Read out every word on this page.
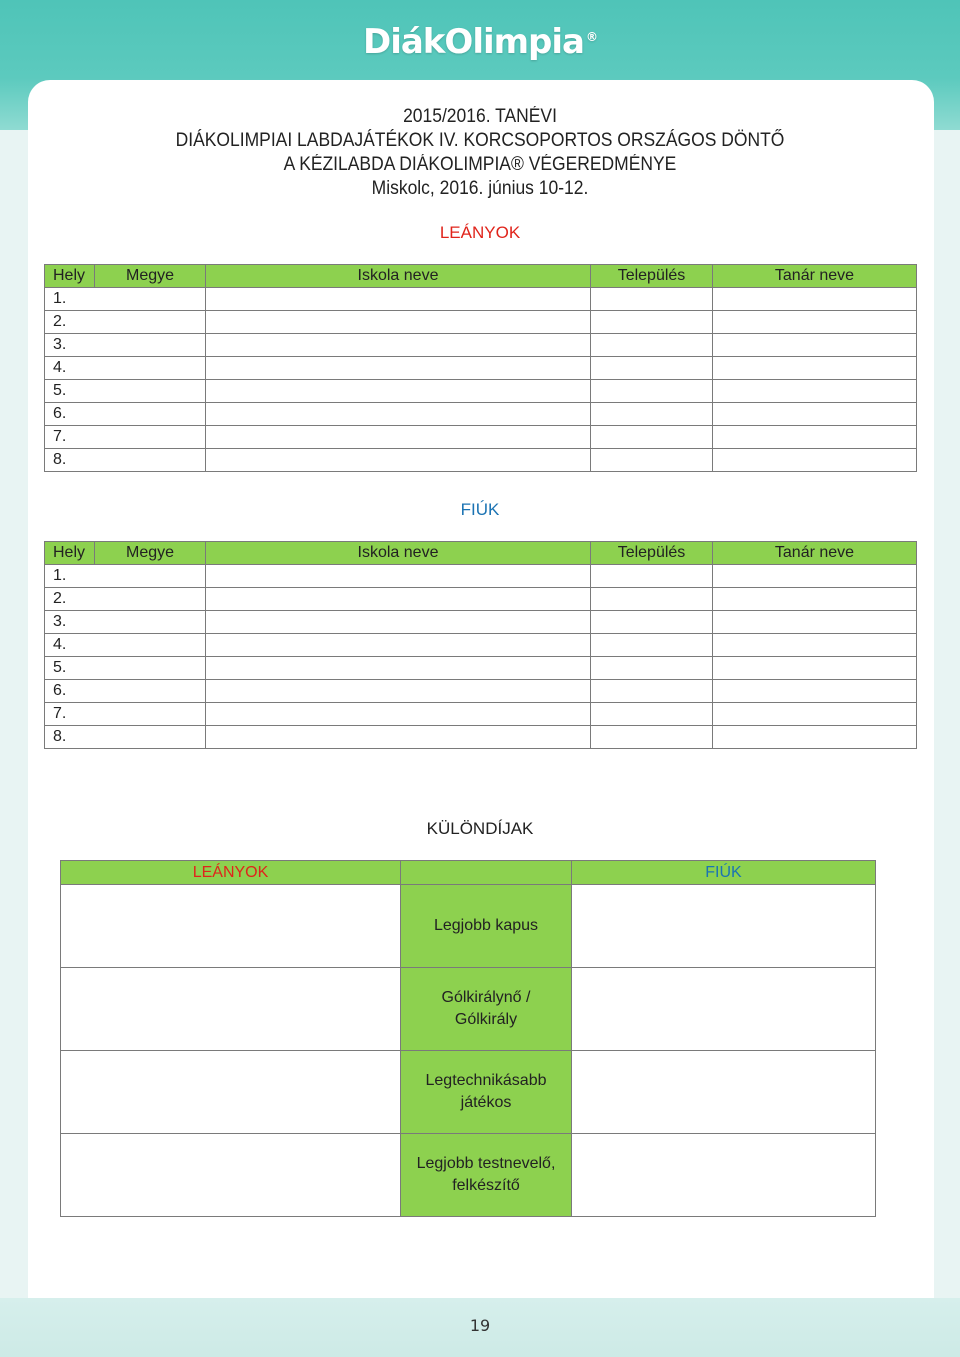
DiákOlimpia ®
19
2015/2016. TANÉVI
DIÁKOLIMPIAI LABDAJÁTÉKOK IV. KORCSOPORTOS ORSZÁGOS DÖNTŐ
A KÉZILABDA DIÁKOLIMPIA® VÉGEREDMÉNYE
Miskolc, 2016. június 10-12.
LEÁNYOK
Hely	Megye	Iskola neve	Település	Tanár neve
1.				
2.				
3.				
4.				
5.				
6.				
7.				
8.				
FIÚK
Hely	Megye	Iskola neve	Település	Tanár neve
1.				
2.				
3.				
4.				
5.				
6.				
7.				
8.				
KÜLÖNDÍJAK
LEÁNYOK		FIÚK

	Legjobb kapus	

	Gólkirálynő /
Gólkirály	

	Legtechnikásabb
játékos	

	Legjobb testnevelő,
felkészítő	
